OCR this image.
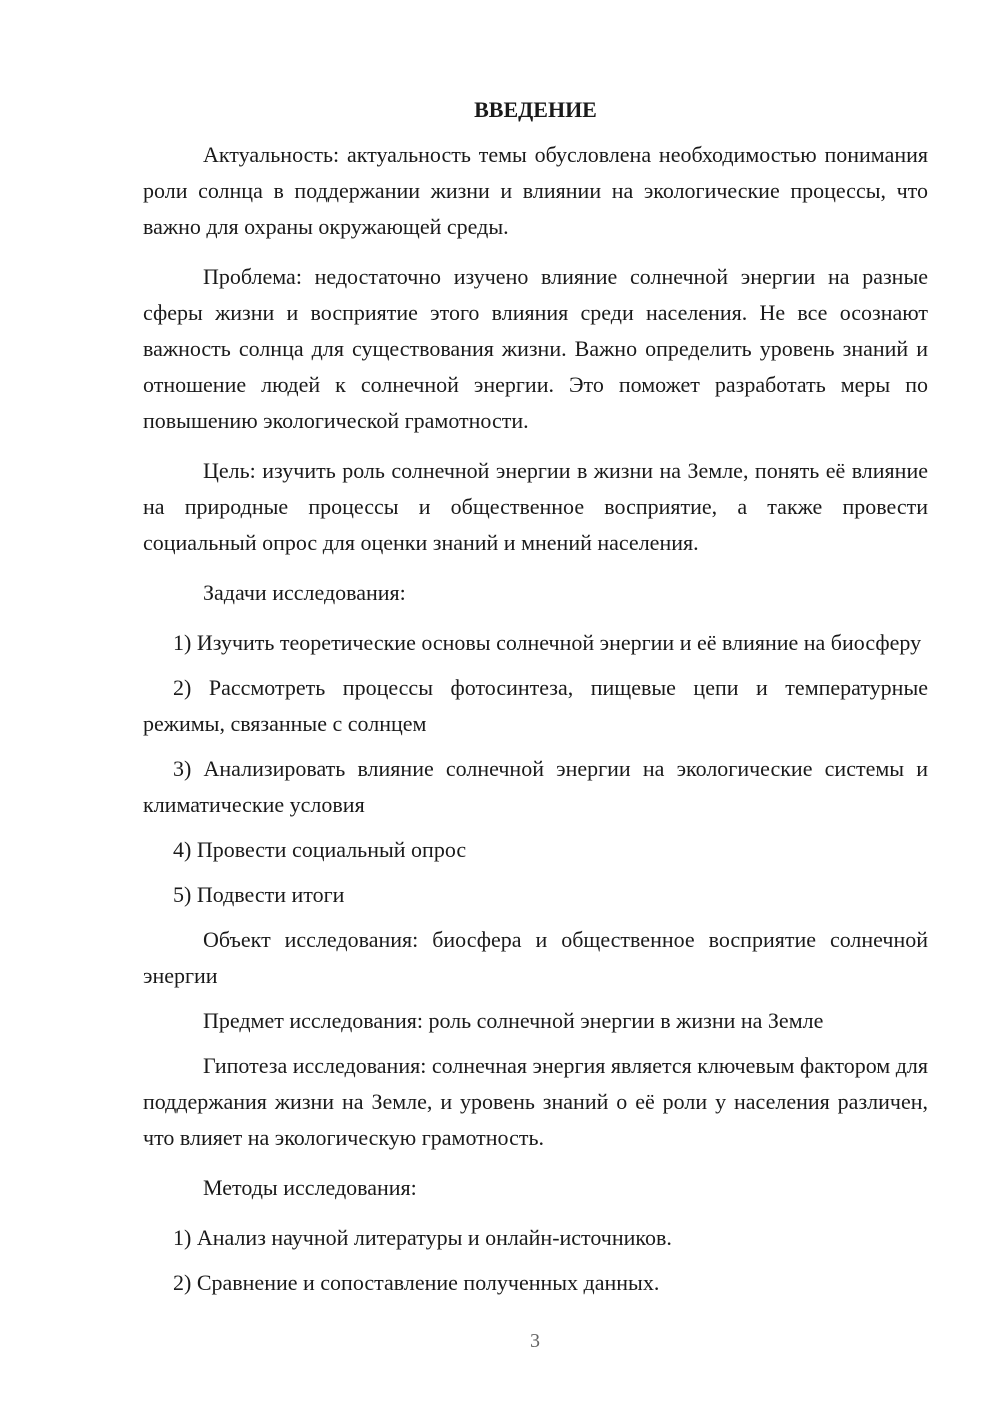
ВВЕДЕНИЕ

Актуальность: актуальность темы обусловлена необходимостью понимания роли солнца в поддержании жизни и влиянии на экологические процессы, что важно для охраны окружающей среды.

Проблема: недостаточно изучено влияние солнечной энергии на разные сферы жизни и восприятие этого влияния среди населения. Не все осознают важность солнца для существования жизни. Важно определить уровень знаний и отношение людей к солнечной энергии. Это поможет разработать меры по повышению экологической грамотности.

Цель: изучить роль солнечной энергии в жизни на Земле, понять её влияние на природные процессы и общественное восприятие, а также провести социальный опрос для оценки знаний и мнений населения.

Задачи исследования:

1) Изучить теоретические основы солнечной энергии и её влияние на биосферу

2) Рассмотреть процессы фотосинтеза, пищевые цепи и температурные режимы, связанные с солнцем

3) Анализировать влияние солнечной энергии на экологические системы и климатические условия

4) Провести социальный опрос

5) Подвести итоги

Объект исследования: биосфера и общественное восприятие солнечной энергии

Предмет исследования: роль солнечной энергии в жизни на Земле

Гипотеза исследования: солнечная энергия является ключевым фактором для поддержания жизни на Земле, и уровень знаний о её роли у населения различен, что влияет на экологическую грамотность.

Методы исследования:

1) Анализ научной литературы и онлайн-источников.

2) Сравнение и сопоставление полученных данных.

3
